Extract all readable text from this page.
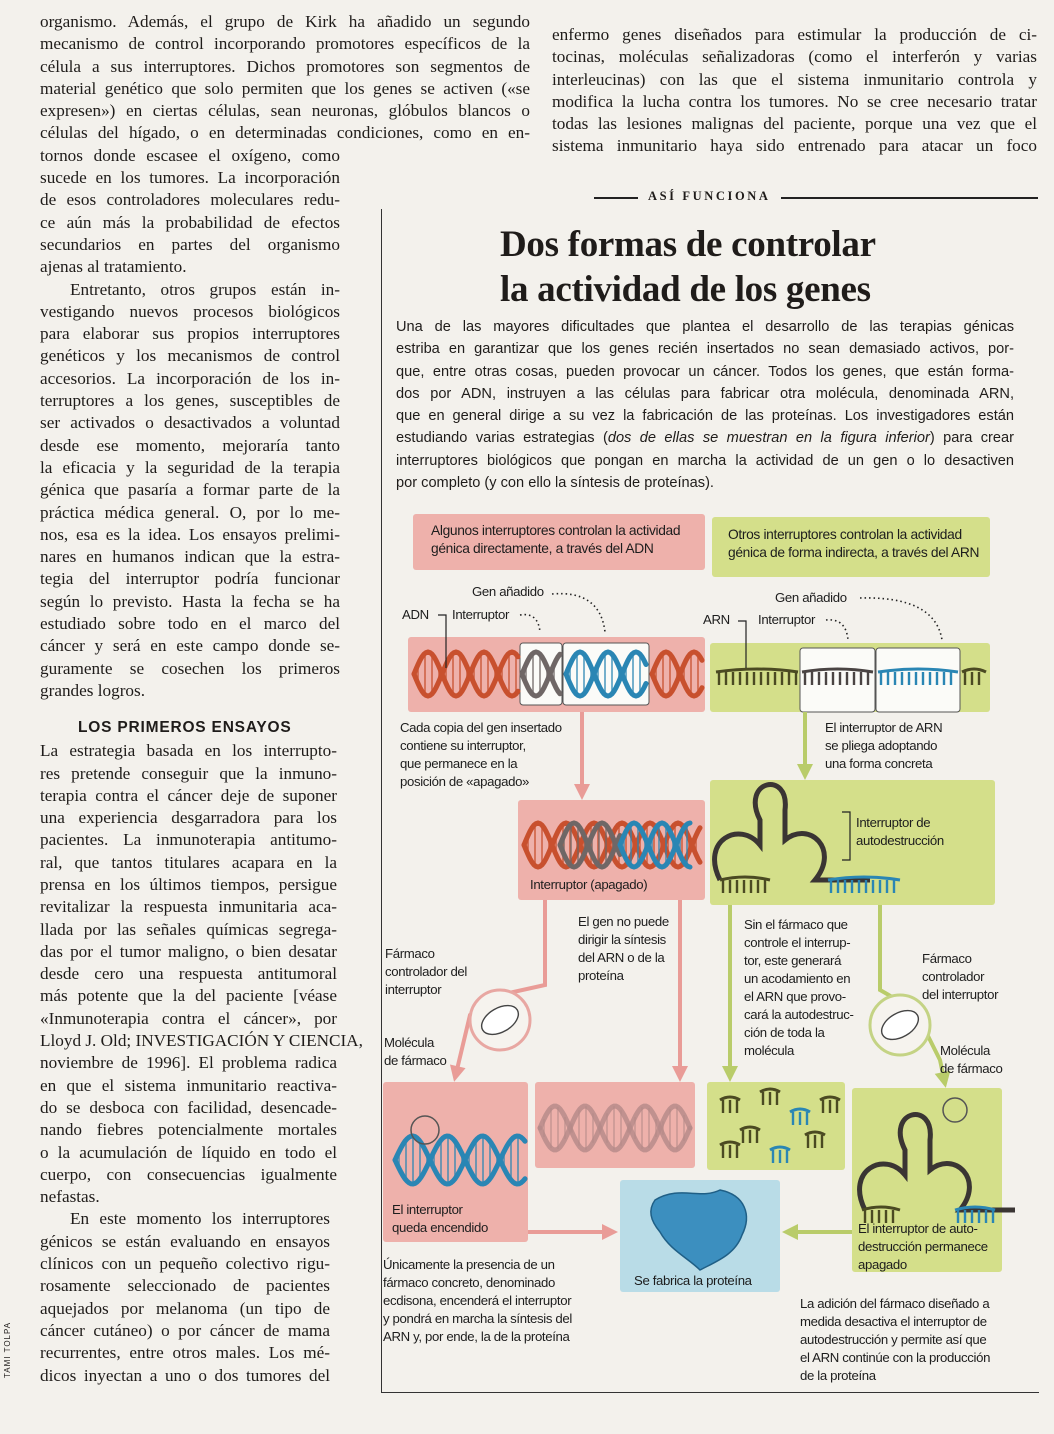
organismo. Además, el grupo de Kirk ha añadido un segundo
mecanismo de control incorporando promotores específicos de la
célula a sus interruptores. Dichos promotores son segmentos de
material genético que solo permiten que los genes se activen («se
expresen») en ciertas células, sean neuronas, glóbulos blancos o
células del hígado, o en determinadas condiciones, como en en-
tornos donde escasee el oxígeno, como
sucede en los tumores. La incorporación
de esos controladores moleculares redu-
ce aún más la probabilidad de efectos
secundarios en partes del organismo
ajenas al tratamiento.
Entretanto, otros grupos están in-
vestigando nuevos procesos biológicos
para elaborar sus propios interruptores
genéticos y los mecanismos de control
accesorios. La incorporación de los in-
terruptores a los genes, susceptibles de
ser activados o desactivados a voluntad
desde ese momento, mejoraría tanto
la eficacia y la seguridad de la terapia
génica que pasaría a formar parte de la
práctica médica general. O, por lo me-
nos, esa es la idea. Los ensayos prelimi-
nares en humanos indican que la estra-
tegia del interruptor podría funcionar
según lo previsto. Hasta la fecha se ha
estudiado sobre todo en el marco del
cáncer y será en este campo donde se-
guramente se cosechen los primeros
grandes logros.
LOS PRIMEROS ENSAYOS
La estrategia basada en los interrupto-
res pretende conseguir que la inmuno-
terapia contra el cáncer deje de suponer
una experiencia desgarradora para los
pacientes. La inmunoterapia antitumo-
ral, que tantos titulares acapara en la
prensa en los últimos tiempos, persigue
revitalizar la respuesta inmunitaria aca-
llada por las señales químicas segrega-
das por el tumor maligno, o bien desatar
desde cero una respuesta antitumoral
más potente que la del paciente [véase
«Inmunoterapia contra el cáncer», por
Lloyd J. Old; INVESTIGACIÓN Y CIENCIA,
noviembre de 1996]. El problema radica
en que el sistema inmunitario reactiva-
do se desboca con facilidad, desencade-
nando fiebres potencialmente mortales
o la acumulación de líquido en todo el
cuerpo, con consecuencias igualmente
nefastas.
En este momento los interruptores
génicos se están evaluando en ensayos
clínicos con un pequeño colectivo rigu-
rosamente seleccionado de pacientes
aquejados por melanoma (un tipo de
cáncer cutáneo) o por cáncer de mama
recurrentes, entre otros males. Los mé-
dicos inyectan a uno o dos tumores del
enfermo genes diseñados para estimular la producción de ci-
tocinas, moléculas señalizadoras (como el interferón y varias
interleucinas) con las que el sistema inmunitario controla y
modifica la lucha contra los tumores. No se cree necesario tratar
todas las lesiones malignas del paciente, porque una vez que el
sistema inmunitario haya sido entrenado para atacar un foco
ASÍ FUNCIONA
Dos formas de controlar
la actividad de los genes
Una de las mayores dificultades que plantea el desarrollo de las terapias génicas
estriba en garantizar que los genes recién insertados no sean demasiado activos, por-
que, entre otras cosas, pueden provocar un cáncer. Todos los genes, que están forma-
dos por ADN, instruyen a las células para fabricar otra molécula, denominada ARN,
que en general dirige a su vez la fabricación de las proteínas. Los investigadores están
estudiando varias estrategias (dos de ellas se muestran en la figura inferior) para crear
interruptores biológicos que pongan en marcha la actividad de un gen o lo desactiven
por completo (y con ello la síntesis de proteínas).
Algunos interruptores controlan la actividad
génica directamente, a través del ADN
Otros interruptores controlan la actividad
génica de forma indirecta, a través del ARN
Gen añadido
ADN Interruptor
Gen añadido
ARN Interruptor
Cada copia del gen insertado
contiene su interruptor,
que permanece en la
posición de «apagado»
El interruptor de ARN
se pliega adoptando
una forma concreta
Interruptor (apagado)
Interruptor de
autodestrucción
El gen no puede
dirigir la síntesis
del ARN o de la
proteína
Fármaco
controlador del
interruptor
Molécula
de fármaco
Sin el fármaco que
controle el interrup-
tor, este generará
un acodamiento en
el ARN que provo-
cará la autodestruc-
ción de toda la
molécula
Fármaco
controlador
del interruptor
Molécula
de fármaco
El interruptor
queda encendido	El interruptor de auto-
destrucción permanece
apagado
Se fabrica la proteína
Únicamente la presencia de un
fármaco concreto, denominado
ecdisona, encenderá el interruptor
y pondrá en marcha la síntesis del
ARN y, por ende, la de la proteína
La adición del fármaco diseñado a
medida desactiva el interruptor de
autodestrucción y permite así que
el ARN continúe con la producción
de la proteína
TAMI TOLPA
